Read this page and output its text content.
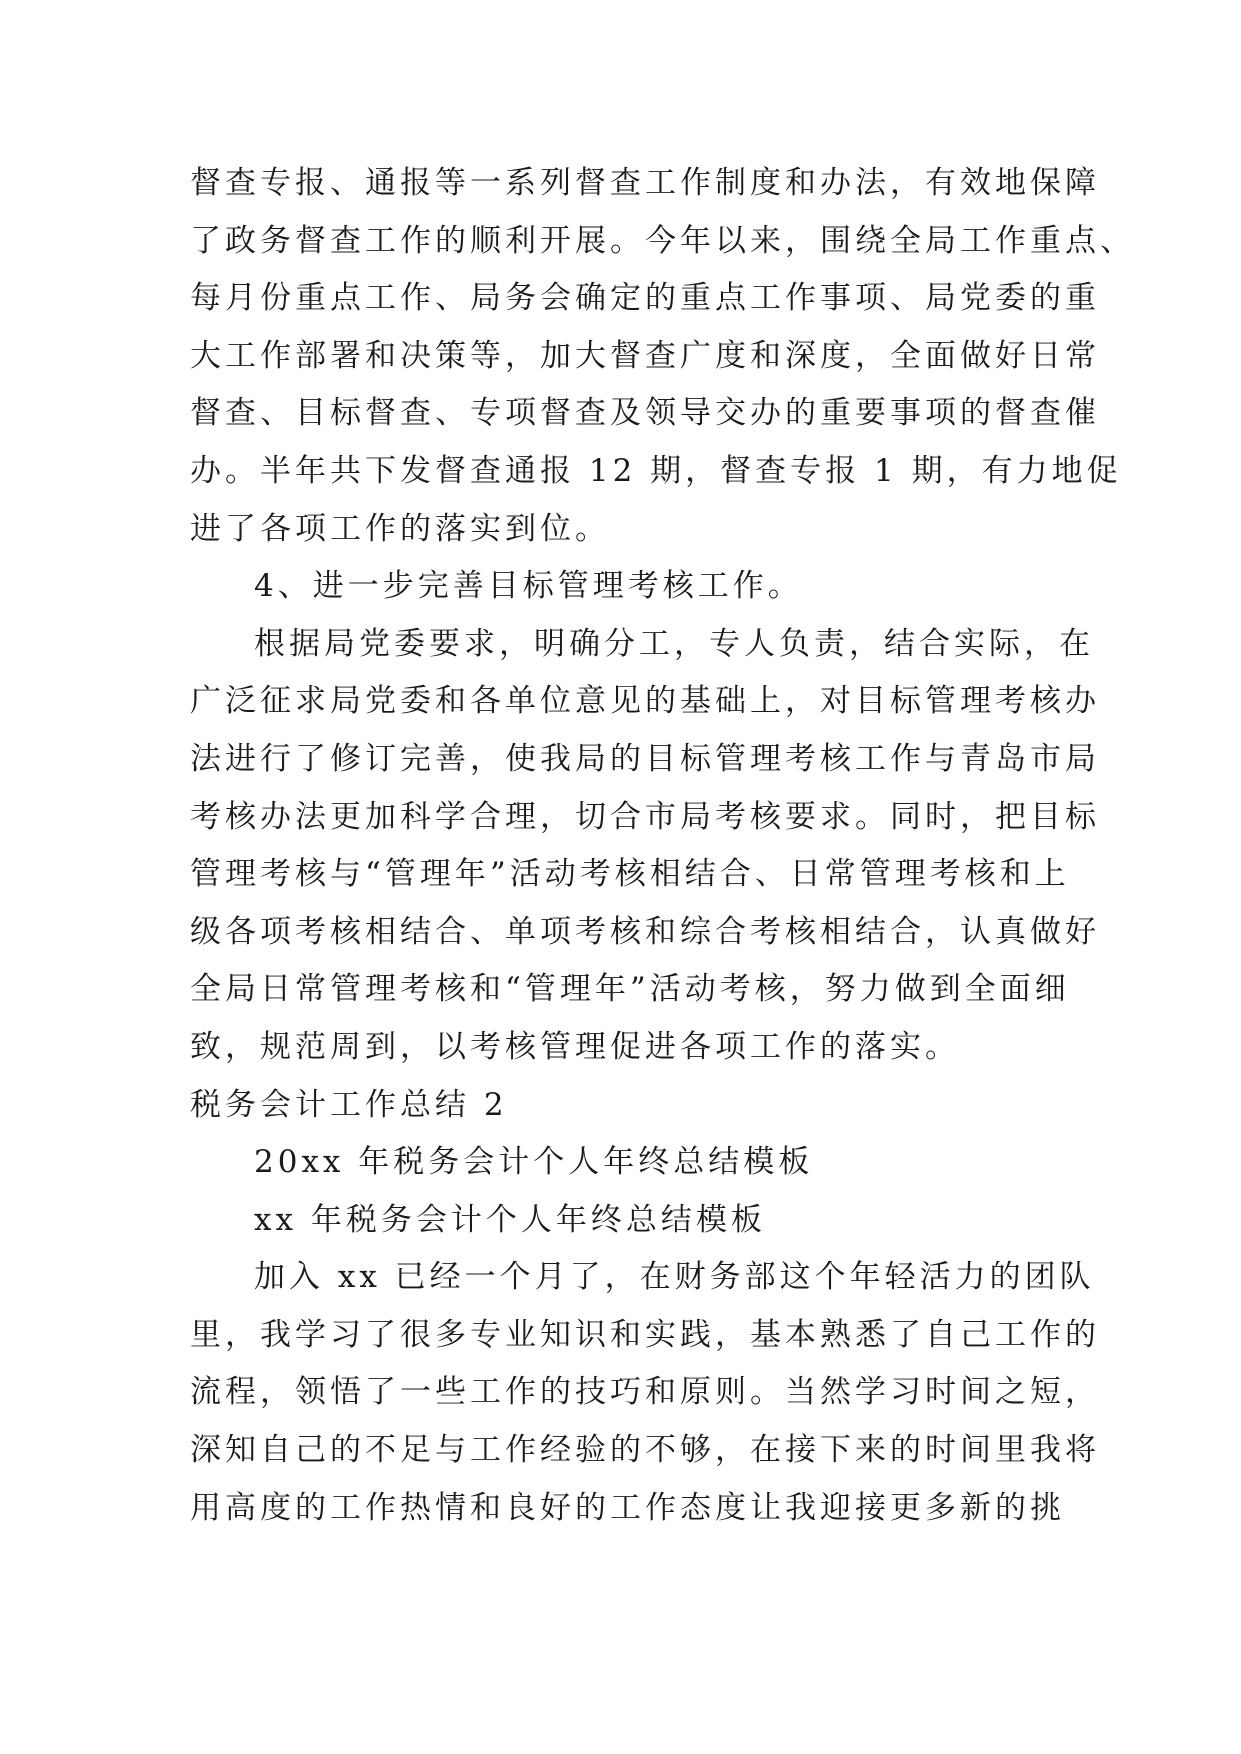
督查专报、通报等一系列督查工作制度和办法，有效地保障
了政务督查工作的顺利开展。今年以来，围绕全局工作重点、
每月份重点工作、局务会确定的重点工作事项、局党委的重
大工作部署和决策等，加大督查广度和深度，全面做好日常
督查、目标督查、专项督查及领导交办的重要事项的督查催
办。半年共下发督查通报 12 期，督查专报 1 期，有力地促
进了各项工作的落实到位。
4、进一步完善目标管理考核工作。
根据局党委要求，明确分工，专人负责，结合实际，在
广泛征求局党委和各单位意见的基础上，对目标管理考核办
法进行了修订完善，使我局的目标管理考核工作与青岛市局
考核办法更加科学合理，切合市局考核要求。同时，把目标
管理考核与“管理年”活动考核相结合、日常管理考核和上
级各项考核相结合、单项考核和综合考核相结合，认真做好
全局日常管理考核和“管理年”活动考核，努力做到全面细
致，规范周到，以考核管理促进各项工作的落实。
税务会计工作总结 2
20xx 年税务会计个人年终总结模板
xx 年税务会计个人年终总结模板
加入 xx 已经一个月了，在财务部这个年轻活力的团队
里，我学习了很多专业知识和实践，基本熟悉了自己工作的
流程，领悟了一些工作的技巧和原则。当然学习时间之短，
深知自己的不足与工作经验的不够，在接下来的时间里我将
用高度的工作热情和良好的工作态度让我迎接更多新的挑
